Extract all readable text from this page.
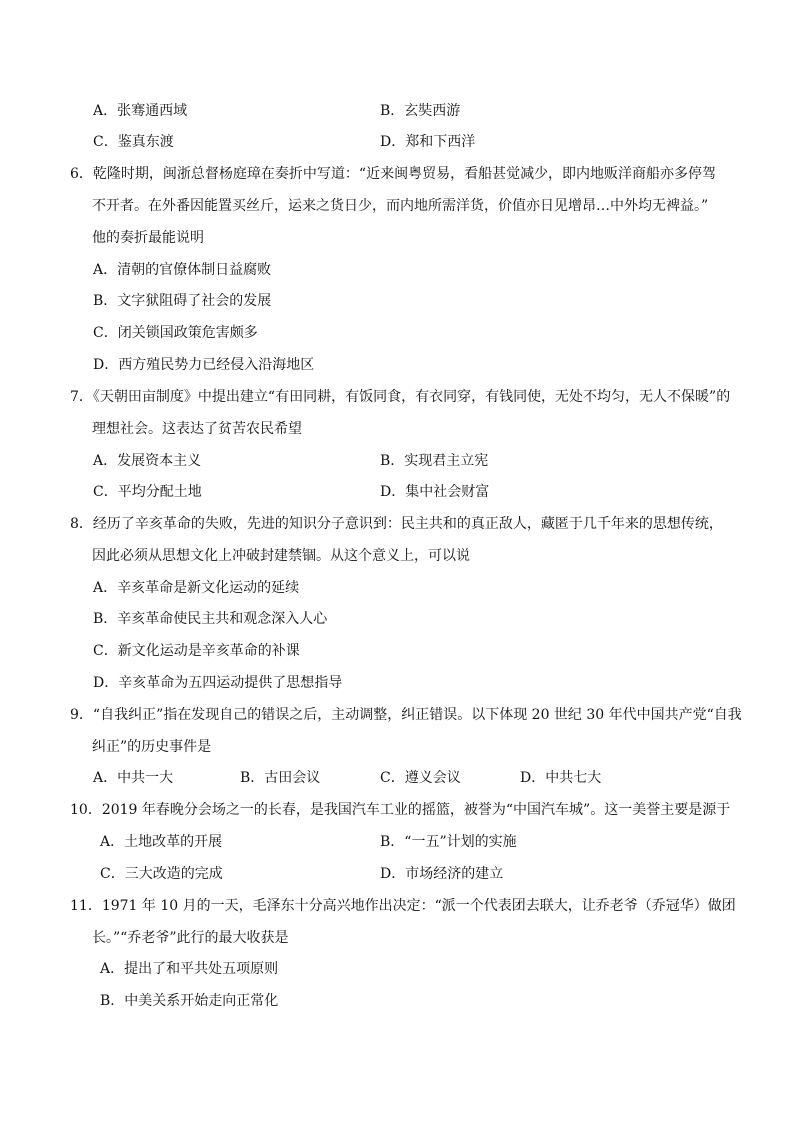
A．张骞通西域	B．玄奘西游
C．鉴真东渡	D．郑和下西洋
6．乾隆时期，闽浙总督杨庭璋在奏折中写道：“近来闽粤贸易，看船甚觉减少，即内地贩洋商船亦多停驾
不开者。在外番因能置买丝斤，运来之货日少，而内地所需洋货，价值亦日见增昂…中外均无裨益。”
他的奏折最能说明
A．清朝的官僚体制日益腐败
B．文字狱阻碍了社会的发展
C．闭关锁国政策危害颇多
D．西方殖民势力已经侵入沿海地区
7．《天朝田亩制度》中提出建立“有田同耕，有饭同食，有衣同穿，有钱同使，无处不均匀，无人不保暖”的
理想社会。这表达了贫苦农民希望
A．发展资本主义	B．实现君主立宪
C．平均分配土地	D．集中社会财富
8．经历了辛亥革命的失败，先进的知识分子意识到：民主共和的真正敌人，藏匿于几千年来的思想传统，
因此必须从思想文化上冲破封建禁锢。从这个意义上，可以说
A．辛亥革命是新文化运动的延续
B．辛亥革命使民主共和观念深入人心
C．新文化运动是辛亥革命的补课
D．辛亥革命为五四运动提供了思想指导
9．“自我纠正”指在发现自己的错误之后，主动调整，纠正错误。以下体现 20 世纪 30 年代中国共产党“自我
纠正”的历史事件是
A．中共一大	B．古田会议	C．遵义会议	D．中共七大
10．2019 年春晚分会场之一的长春，是我国汽车工业的摇篮，被誉为“中国汽车城”。这一美誉主要是源于
A．土地改革的开展	B．“一五”计划的实施
C．三大改造的完成	D．市场经济的建立
11．1971 年 10 月的一天，毛泽东十分高兴地作出决定：“派一个代表团去联大，让乔老爷（乔冠华）做团
长。”“乔老爷”此行的最大收获是
A．提出了和平共处五项原则
B．中美关系开始走向正常化
